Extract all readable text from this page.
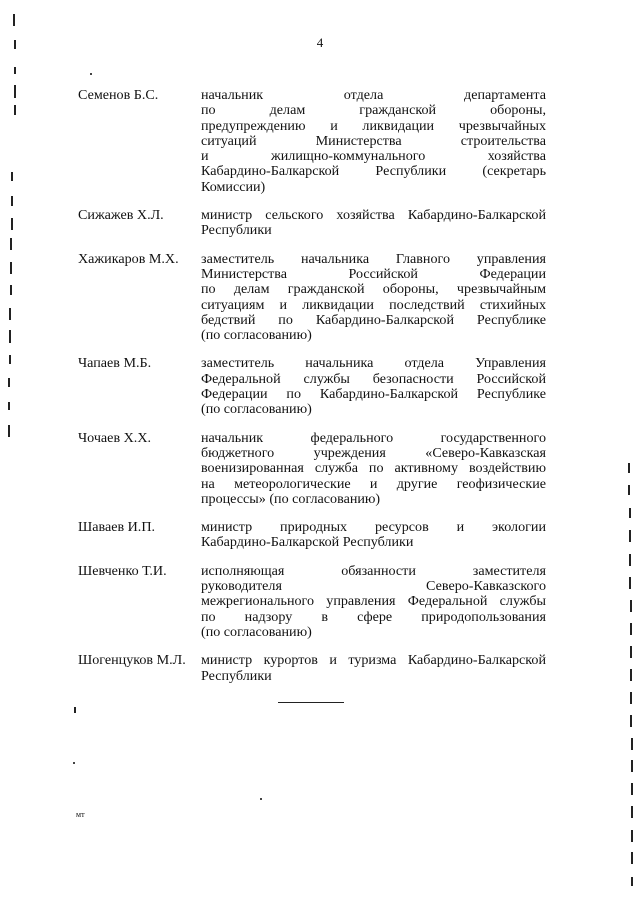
4
Семенов Б.С.	начальник отдела департамента
по делам гражданской обороны,
предупреждению и ликвидации чрезвычайных
ситуаций Министерства строительства
и жилищно-коммунального хозяйства
Кабардино-Балкарской Республики (секретарь
Комиссии)
Сижажев Х.Л.	министр сельского хозяйства Кабардино-Балкарской
Республики
Хажикаров М.Х.	заместитель начальника Главного управления
Министерства Российской Федерации
по делам гражданской обороны, чрезвычайным
ситуациям и ликвидации последствий стихийных
бедствий по Кабардино-Балкарской Республике
(по согласованию)
Чапаев М.Б.	заместитель начальника отдела Управления
Федеральной службы безопасности Российской
Федерации по Кабардино-Балкарской Республике
(по согласованию)
Чочаев Х.Х.	начальник федерального государственного
бюджетного учреждения «Северо-Кавказская
военизированная служба по активному воздействию
на метеорологические и другие геофизические
процессы» (по согласованию)
Шаваев И.П.	министр природных ресурсов и экологии
Кабардино-Балкарской Республики
Шевченко Т.И.	исполняющая обязанности заместителя
руководителя Северо-Кавказского
межрегионального управления Федеральной службы
по надзору в сфере природопользования
(по согласованию)
Шогенцуков М.Л.	министр курортов и туризма Кабардино-Балкарской
Республики
мт
